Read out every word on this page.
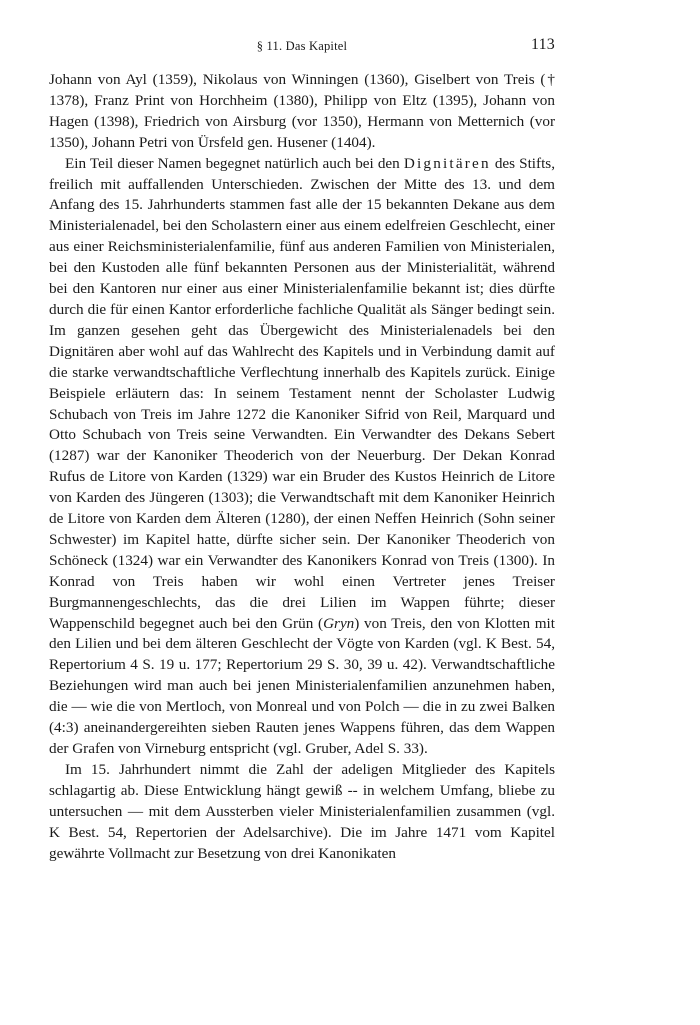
§ 11. Das Kapitel	113

Johann von Ayl (1359), Nikolaus von Winningen (1360), Giselbert von Treis († 1378), Franz Print von Horchheim (1380), Philipp von Eltz (1395), Johann von Hagen (1398), Friedrich von Airsburg (vor 1350), Hermann von Metternich (vor 1350), Johann Petri von Ürsfeld gen. Husener (1404).

Ein Teil dieser Namen begegnet natürlich auch bei den Dignitären des Stifts, freilich mit auffallenden Unterschieden. Zwischen der Mitte des 13. und dem Anfang des 15. Jahrhunderts stammen fast alle der 15 bekannten Dekane aus dem Ministerialenadel, bei den Scholastern einer aus einem edelfreien Geschlecht, einer aus einer Reichsministerialenfamilie, fünf aus anderen Familien von Ministerialen, bei den Kustoden alle fünf bekannten Personen aus der Ministerialität, während bei den Kantoren nur einer aus einer Ministerialenfamilie bekannt ist; dies dürfte durch die für einen Kantor erforderliche fachliche Qualität als Sänger bedingt sein. Im ganzen gesehen geht das Übergewicht des Ministerialenadels bei den Dignitären aber wohl auf das Wahlrecht des Kapitels und in Verbindung damit auf die starke verwandtschaftliche Verflechtung innerhalb des Kapitels zurück. Einige Beispiele erläutern das: In seinem Testament nennt der Scholaster Ludwig Schubach von Treis im Jahre 1272 die Kanoniker Sifrid von Reil, Marquard und Otto Schubach von Treis seine Verwandten. Ein Verwandter des Dekans Sebert (1287) war der Kanoniker Theoderich von der Neuerburg. Der Dekan Konrad Rufus de Litore von Karden (1329) war ein Bruder des Kustos Heinrich de Litore von Karden des Jüngeren (1303); die Verwandtschaft mit dem Kanoniker Heinrich de Litore von Karden dem Älteren (1280), der einen Neffen Heinrich (Sohn seiner Schwester) im Kapitel hatte, dürfte sicher sein. Der Kanoniker Theoderich von Schöneck (1324) war ein Verwandter des Kanonikers Konrad von Treis (1300). In Konrad von Treis haben wir wohl einen Vertreter jenes Treiser Burgmannengeschlechts, das die drei Lilien im Wappen führte; dieser Wappenschild begegnet auch bei den Grün (Gryn) von Treis, den von Klotten mit den Lilien und bei dem älteren Geschlecht der Vögte von Karden (vgl. K Best. 54, Repertorium 4 S. 19 u. 177; Repertorium 29 S. 30, 39 u. 42). Verwandtschaftliche Beziehungen wird man auch bei jenen Ministerialenfamilien anzunehmen haben, die — wie die von Mertloch, von Monreal und von Polch — die in zu zwei Balken (4:3) aneinandergereihten sieben Rauten jenes Wappens führen, das dem Wappen der Grafen von Virneburg entspricht (vgl. Gruber, Adel S. 33).

Im 15. Jahrhundert nimmt die Zahl der adeligen Mitglieder des Kapitels schlagartig ab. Diese Entwicklung hängt gewiß -- in welchem Umfang, bliebe zu untersuchen — mit dem Aussterben vieler Ministerialenfamilien zusammen (vgl. K Best. 54, Repertorien der Adelsarchive). Die im Jahre 1471 vom Kapitel gewährte Vollmacht zur Besetzung von drei Kanonikaten
